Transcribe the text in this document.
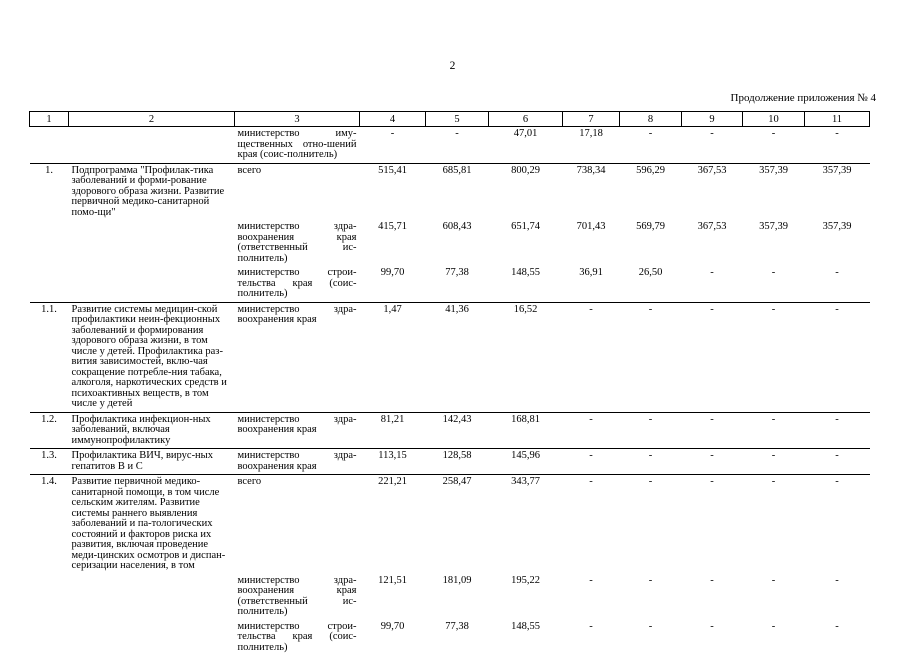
2
Продолжение приложения № 4
1	2	3	4	5	6	7	8	9	10	11
		министерство иму-щественных отно-шений края (соис-полнитель)	-	-	47,01	17,18	-	-	-	-
1.	Подпрограмма "Профилак-тика заболеваний и форми-рование здорового образа жизни. Развитие первичной медико-санитарной помо-щи"	всего	515,41	685,81	800,29	738,34	596,29	367,53	357,39	357,39
		министерство здра-воохранения края (ответственный ис-полнитель)	415,71	608,43	651,74	701,43	569,79	367,53	357,39	357,39
		министерство строи-тельства края (соис-полнитель)	99,70	77,38	148,55	36,91	26,50	-	-	-
1.1.	Развитие системы медицин-ской профилактики неин-фекционных заболеваний и формирования здорового образа жизни, в том числе у детей. Профилактика раз-вития зависимостей, вклю-чая сокращение потребле-ния табака, алкоголя, наркотических средств и психоактивных веществ, в том числе у детей	министерство здра-воохранения края	1,47	41,36	16,52	-	-	-	-	-
1.2.	Профилактика инфекцион-ных заболеваний, включая иммунопрофилактику	министерство здра-воохранения края	81,21	142,43	168,81	-	-	-	-	-
1.3.	Профилактика ВИЧ, вирус-ных гепатитов В и С	министерство здра-воохранения края	113,15	128,58	145,96	-	-	-	-	-
1.4.	Развитие первичной медико-санитарной помощи, в том числе сельским жителям. Развитие системы раннего выявления заболеваний и па-тологических состояний и факторов риска их развития, включая проведение меди-цинских осмотров и диспан-серизации населения, в том	всего	221,21	258,47	343,77	-	-	-	-	-
		министерство здра-воохранения края (ответственный ис-полнитель)	121,51	181,09	195,22	-	-	-	-	-
		министерство строи-тельства края (соис-полнитель)	99,70	77,38	148,55	-	-	-	-	-
